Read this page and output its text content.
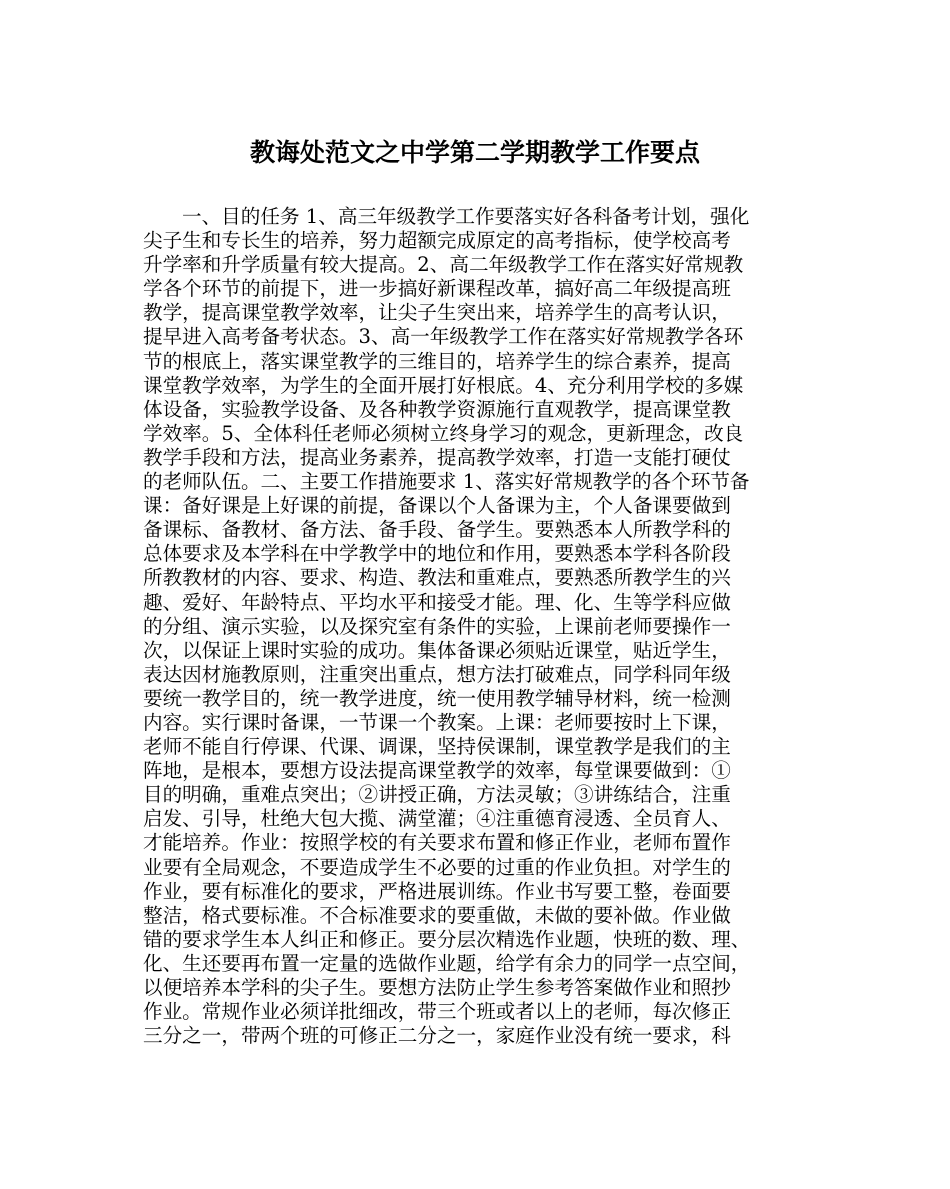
教诲处范文之中学第二学期教学工作要点
一、目的任务 1、高三年级教学工作要落实好各科备考计划，强化
尖子生和专长生的培养，努力超额完成原定的高考指标，使学校高考
升学率和升学质量有较大提高。2、高二年级教学工作在落实好常规教
学各个环节的前提下，进一步搞好新课程改革，搞好高二年级提高班
教学，提高课堂教学效率，让尖子生突出来，培养学生的高考认识，
提早进入高考备考状态。3、高一年级教学工作在落实好常规教学各环
节的根底上，落实课堂教学的三维目的，培养学生的综合素养，提高
课堂教学效率，为学生的全面开展打好根底。4、充分利用学校的多媒
体设备，实验教学设备、及各种教学资源施行直观教学，提高课堂教
学效率。5、全体科任老师必须树立终身学习的观念，更新理念，改良
教学手段和方法，提高业务素养，提高教学效率，打造一支能打硬仗
的老师队伍。二、主要工作措施要求 1、落实好常规教学的各个环节备
课：备好课是上好课的前提，备课以个人备课为主，个人备课要做到
备课标、备教材、备方法、备手段、备学生。要熟悉本人所教学科的
总体要求及本学科在中学教学中的地位和作用，要熟悉本学科各阶段
所教教材的内容、要求、构造、教法和重难点，要熟悉所教学生的兴
趣、爱好、年龄特点、平均水平和接受才能。理、化、生等学科应做
的分组、演示实验，以及探究室有条件的实验，上课前老师要操作一
次，以保证上课时实验的成功。集体备课必须贴近课堂，贴近学生，
表达因材施教原则，注重突出重点，想方法打破难点，同学科同年级
要统一教学目的，统一教学进度，统一使用教学辅导材料，统一检测
内容。实行课时备课，一节课一个教案。上课：老师要按时上下课，
老师不能自行停课、代课、调课，坚持侯课制，课堂教学是我们的主
阵地，是根本，要想方设法提高课堂教学的效率，每堂课要做到：①
目的明确，重难点突出；②讲授正确，方法灵敏；③讲练结合，注重
启发、引导，杜绝大包大揽、满堂灌；④注重德育浸透、全员育人、
才能培养。作业：按照学校的有关要求布置和修正作业，老师布置作
业要有全局观念，不要造成学生不必要的过重的作业负担。对学生的
作业，要有标准化的要求，严格进展训练。作业书写要工整，卷面要
整洁，格式要标准。不合标准要求的要重做，未做的要补做。作业做
错的要求学生本人纠正和修正。要分层次精选作业题，快班的数、理、
化、生还要再布置一定量的选做作业题，给学有余力的同学一点空间，
以便培养本学科的尖子生。要想方法防止学生参考答案做作业和照抄
作业。常规作业必须详批细改，带三个班或者以上的老师，每次修正
三分之一，带两个班的可修正二分之一，家庭作业没有统一要求，科
